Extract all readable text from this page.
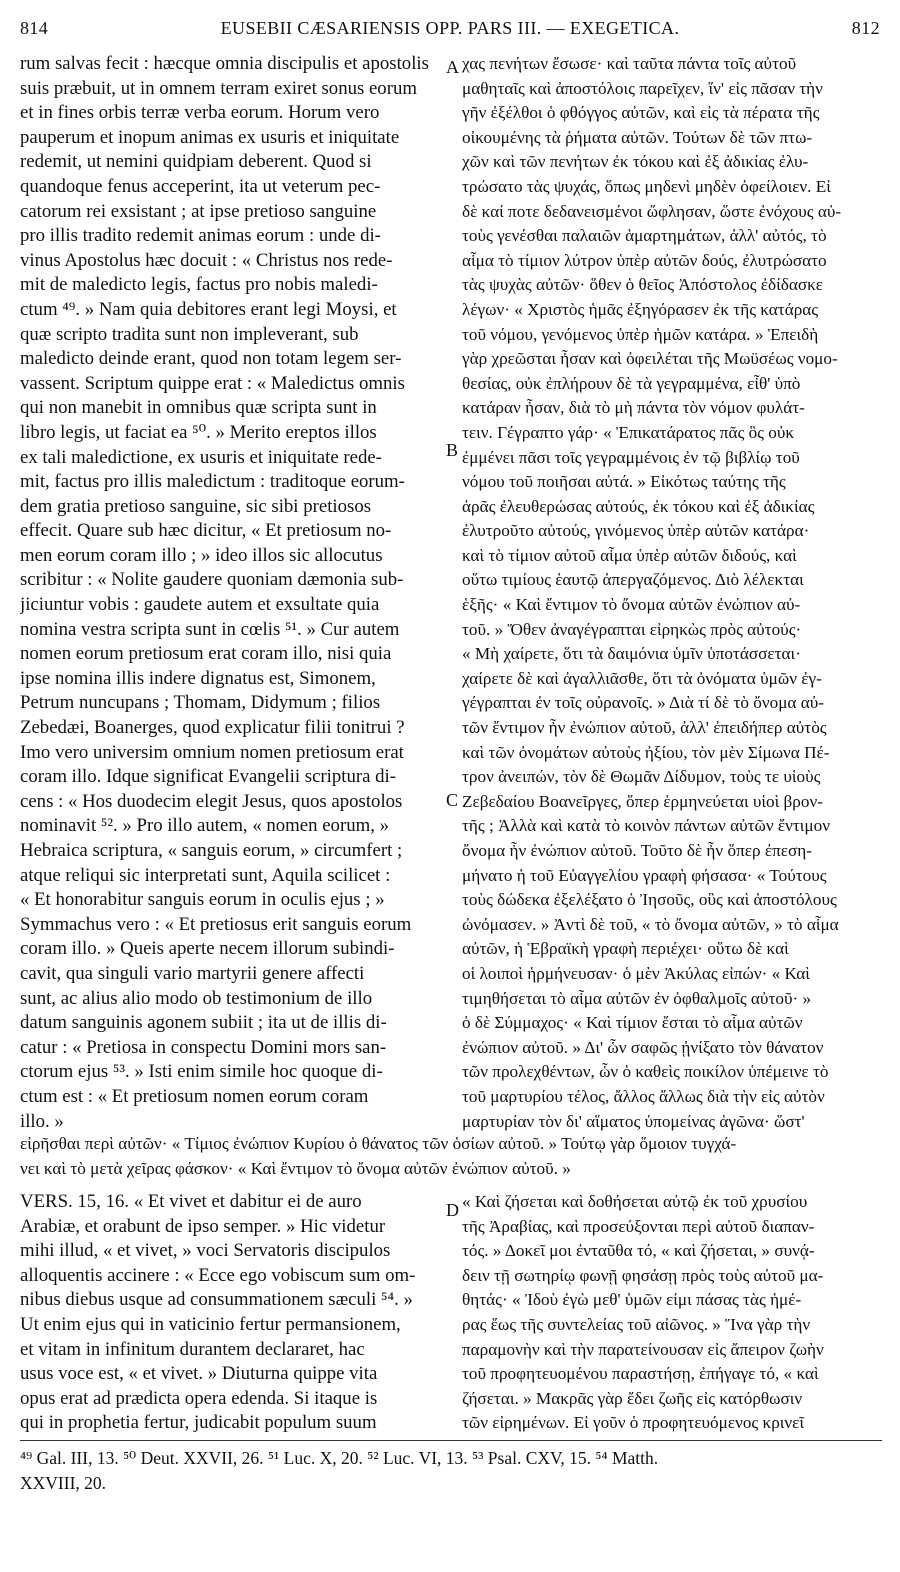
814	EUSEBII CÆSARIENSIS OPP. PARS III. — EXEGETICA.	812
A
B
C
D
rum salvas fecit : hæcque omnia discipulis et apostolis
suis præbuit, ut in omnem terram exiret sonus eorum
et in fines orbis terræ verba eorum. Horum vero
pauperum et inopum animas ex usuris et iniquitate
redemit, ut nemini quidpiam deberent. Quod si
quandoque fenus acceperint, ita ut veterum pec-
catorum rei exsistant ; at ipse pretioso sanguine
pro illis tradito redemit animas eorum : unde di-
vinus Apostolus hæc docuit : « Christus nos rede-
mit de maledicto legis, factus pro nobis maledi-
ctum ⁴⁹. » Nam quia debitores erant legi Moysi, et
quæ scripto tradita sunt non impleverant, sub
maledicto deinde erant, quod non totam legem ser-
vassent. Scriptum quippe erat : « Maledictus omnis
qui non manebit in omnibus quæ scripta sunt in
libro legis, ut faciat ea ⁵⁰. » Merito ereptos illos
ex tali maledictione, ex usuris et iniquitate rede-
mit, factus pro illis maledictum : traditoque eorum-
dem gratia pretioso sanguine, sic sibi pretiosos
effecit. Quare sub hæc dicitur, « Et pretiosum no-
men eorum coram illo ; » ideo illos sic allocutus
scribitur : « Nolite gaudere quoniam dæmonia sub-
jiciuntur vobis : gaudete autem et exsultate quia
nomina vestra scripta sunt in cœlis ⁵¹. » Cur autem
nomen eorum pretiosum erat coram illo, nisi quia
ipse nomina illis indere dignatus est, Simonem,
Petrum nuncupans ; Thomam, Didymum ; filios
Zebedæi, Boanerges, quod explicatur filii tonitrui ?
Imo vero universim omnium nomen pretiosum erat
coram illo. Idque significat Evangelii scriptura di-
cens : « Hos duodecim elegit Jesus, quos apostolos
nominavit ⁵². » Pro illo autem, « nomen eorum, »
Hebraica scriptura, « sanguis eorum, » circumfert ;
atque reliqui sic interpretati sunt, Aquila scilicet :
« Et honorabitur sanguis eorum in oculis ejus ; »
Symmachus vero : « Et pretiosus erit sanguis eorum
coram illo. » Queis aperte necem illorum subindi-
cavit, qua singuli vario martyrii genere affecti
sunt, ac alius alio modo ob testimonium de illo
datum sanguinis agonem subiit ; ita ut de illis di-
catur : « Pretiosa in conspectu Domini mors san-
ctorum ejus ⁵³. » Isti enim simile hoc quoque di-
ctum est : « Et pretiosum nomen eorum coram
illo. »
χας πενήτων ἔσωσε· καὶ ταῦτα πάντα τοῖς αὐτοῦ
μαθηταῖς καὶ ἀποστόλοις παρεῖχεν, ἵν' εἰς πᾶσαν τὴν
γῆν ἐξέλθοι ὁ φθόγγος αὐτῶν, καὶ εἰς τὰ πέρατα τῆς
οἰκουμένης τὰ ῥήματα αὐτῶν. Τούτων δὲ τῶν πτω-
χῶν καὶ τῶν πενήτων ἐκ τόκου καὶ ἐξ ἀδικίας ἐλυ-
τρώσατο τὰς ψυχάς, ὅπως μηδενὶ μηδὲν ὀφείλοιεν. Εἰ
δὲ καί ποτε δεδανεισμένοι ὤφλησαν, ὥστε ἐνόχους αὐ-
τοὺς γενέσθαι παλαιῶν ἁμαρτημάτων, ἀλλ' αὐτός, τὸ
αἷμα τὸ τίμιον λύτρον ὑπὲρ αὐτῶν δούς, ἐλυτρώσατο
τὰς ψυχὰς αὐτῶν· ὅθεν ὁ θεῖος Ἀπόστολος ἐδίδασκε
λέγων· « Χριστὸς ἡμᾶς ἐξηγόρασεν ἐκ τῆς κατάρας
τοῦ νόμου, γενόμενος ὑπὲρ ἡμῶν κατάρα. » Ἐπειδὴ
γὰρ χρεῶσται ἦσαν καὶ ὀφειλέται τῆς Μωϋσέως νομο-
θεσίας, οὐκ ἐπλήρουν δὲ τὰ γεγραμμένα, εἶθ' ὑπὸ
κατάραν ἦσαν, διὰ τὸ μὴ πάντα τὸν νόμον φυλάτ-
τειν. Γέγραπτο γάρ· « Ἐπικατάρατος πᾶς ὃς οὐκ
ἐμμένει πᾶσι τοῖς γεγραμμένοις ἐν τῷ βιβλίῳ τοῦ
νόμου τοῦ ποιῆσαι αὐτά. » Εἰκότως ταύτης τῆς
ἀρᾶς ἐλευθερώσας αὐτούς, ἐκ τόκου καὶ ἐξ ἀδικίας
ἐλυτροῦτο αὐτούς, γινόμενος ὑπὲρ αὐτῶν κατάρα·
καὶ τὸ τίμιον αὐτοῦ αἷμα ὑπὲρ αὐτῶν διδούς, καὶ
οὕτω τιμίους ἑαυτῷ ἀπεργαζόμενος. Διὸ λέλεκται
ἑξῆς· « Καὶ ἔντιμον τὸ ὄνομα αὐτῶν ἐνώπιον αὐ-
τοῦ. » Ὅθεν ἀναγέγραπται εἰρηκὼς πρὸς αὐτούς·
« Μὴ χαίρετε, ὅτι τὰ δαιμόνια ὑμῖν ὑποτάσσεται·
χαίρετε δὲ καὶ ἀγαλλιᾶσθε, ὅτι τὰ ὀνόματα ὑμῶν ἐγ-
γέγραπται ἐν τοῖς οὐρανοῖς. » Διὰ τί δὲ τὸ ὄνομα αὐ-
τῶν ἔντιμον ἦν ἐνώπιον αὐτοῦ, ἀλλ' ἐπειδήπερ αὐτὸς
καὶ τῶν ὀνομάτων αὐτοὺς ἠξίου, τὸν μὲν Σίμωνα Πέ-
τρον ἀνειπών, τὸν δὲ Θωμᾶν Δίδυμον, τοὺς τε υἱοὺς
Ζεβεδαίου Βοανεῖργες, ὅπερ ἑρμηνεύεται υἱοὶ βρον-
τῆς ; Ἀλλὰ καὶ κατὰ τὸ κοινὸν πάντων αὐτῶν ἔντιμον
ὄνομα ἦν ἐνώπιον αὐτοῦ. Τοῦτο δὲ ἦν ὅπερ ἐπεση-
μήνατο ἡ τοῦ Εὐαγγελίου γραφὴ φήσασα· « Τούτους
τοὺς δώδεκα ἐξελέξατο ὁ Ἰησοῦς, οὓς καὶ ἀποστόλους
ὠνόμασεν. » Ἀντὶ δὲ τοῦ, « τὸ ὄνομα αὐτῶν, » τὸ αἷμα
αὐτῶν, ἡ Ἑβραϊκὴ γραφὴ περιέχει· οὕτω δὲ καὶ
οἱ λοιποὶ ἡρμήνευσαν· ὁ μὲν Ἀκύλας εἰπών· « Καὶ
τιμηθήσεται τὸ αἷμα αὐτῶν ἐν ὀφθαλμοῖς αὐτοῦ· »
ὁ δὲ Σύμμαχος· « Καὶ τίμιον ἔσται τὸ αἷμα αὐτῶν
ἐνώπιον αὐτοῦ. » Δι' ὧν σαφῶς ᾐνίξατο τὸν θάνατον
τῶν προλεχθέντων, ὧν ὁ καθεὶς ποικίλον ὑπέμεινε τὸ
τοῦ μαρτυρίου τέλος, ἄλλος ἄλλως διὰ τὴν εἰς αὐτὸν
μαρτυρίαν τὸν δι' αἵματος ὑπομείνας ἀγῶνα· ὥστ'
εἰρῆσθαι περὶ αὐτῶν· « Τίμιος ἐνώπιον Κυρίου ὁ θάνατος τῶν ὁσίων αὐτοῦ. » Τούτῳ γὰρ ὅμοιον τυγχά-
νει καὶ τὸ μετὰ χεῖρας φάσκον· « Καὶ ἔντιμον τὸ ὄνομα αὐτῶν ἐνώπιον αὐτοῦ. »
VERS. 15, 16. « Et vivet et dabitur ei de auro
Arabiæ, et orabunt de ipso semper. » Hic videtur
mihi illud, « et vivet, » voci Servatoris discipulos
alloquentis accinere : « Ecce ego vobiscum sum om-
nibus diebus usque ad consummationem sæculi ⁵⁴. »
Ut enim ejus qui in vaticinio fertur permansionem,
et vitam in infinitum durantem declararet, hac
usus voce est, « et vivet. » Diuturna quippe vita
opus erat ad prædicta opera edenda. Si itaque is
qui in prophetia fertur, judicabit populum suum
« Καὶ ζήσεται καὶ δοθήσεται αὐτῷ ἐκ τοῦ χρυσίου
τῆς Ἀραβίας, καὶ προσεύξονται περὶ αὐτοῦ διαπαν-
τός. » Δοκεῖ μοι ἐνταῦθα τό, « καὶ ζήσεται, » συνᾴ-
δειν τῇ σωτηρίῳ φωνῇ φησάσῃ πρὸς τοὺς αὐτοῦ μα-
θητάς· « Ἰδοὺ ἐγὼ μεθ' ὑμῶν εἰμι πάσας τὰς ἡμέ-
ρας ἕως τῆς συντελείας τοῦ αἰῶνος. » Ἵνα γὰρ τὴν
παραμονὴν καὶ τὴν παρατείνουσαν εἰς ἄπειρον ζωὴν
τοῦ προφητευομένου παραστήσῃ, ἐπήγαγε τό, « καὶ
ζήσεται. » Μακρᾶς γὰρ ἔδει ζωῆς εἰς κατόρθωσιν
τῶν εἰρημένων. Εἰ γοῦν ὁ προφητευόμενος κρινεῖ
⁴⁹ Gal. III, 13. ⁵⁰ Deut. XXVII, 26. ⁵¹ Luc. X, 20. ⁵² Luc. VI, 13. ⁵³ Psal. CXV, 15. ⁵⁴ Matth.
XXVIII, 20.
